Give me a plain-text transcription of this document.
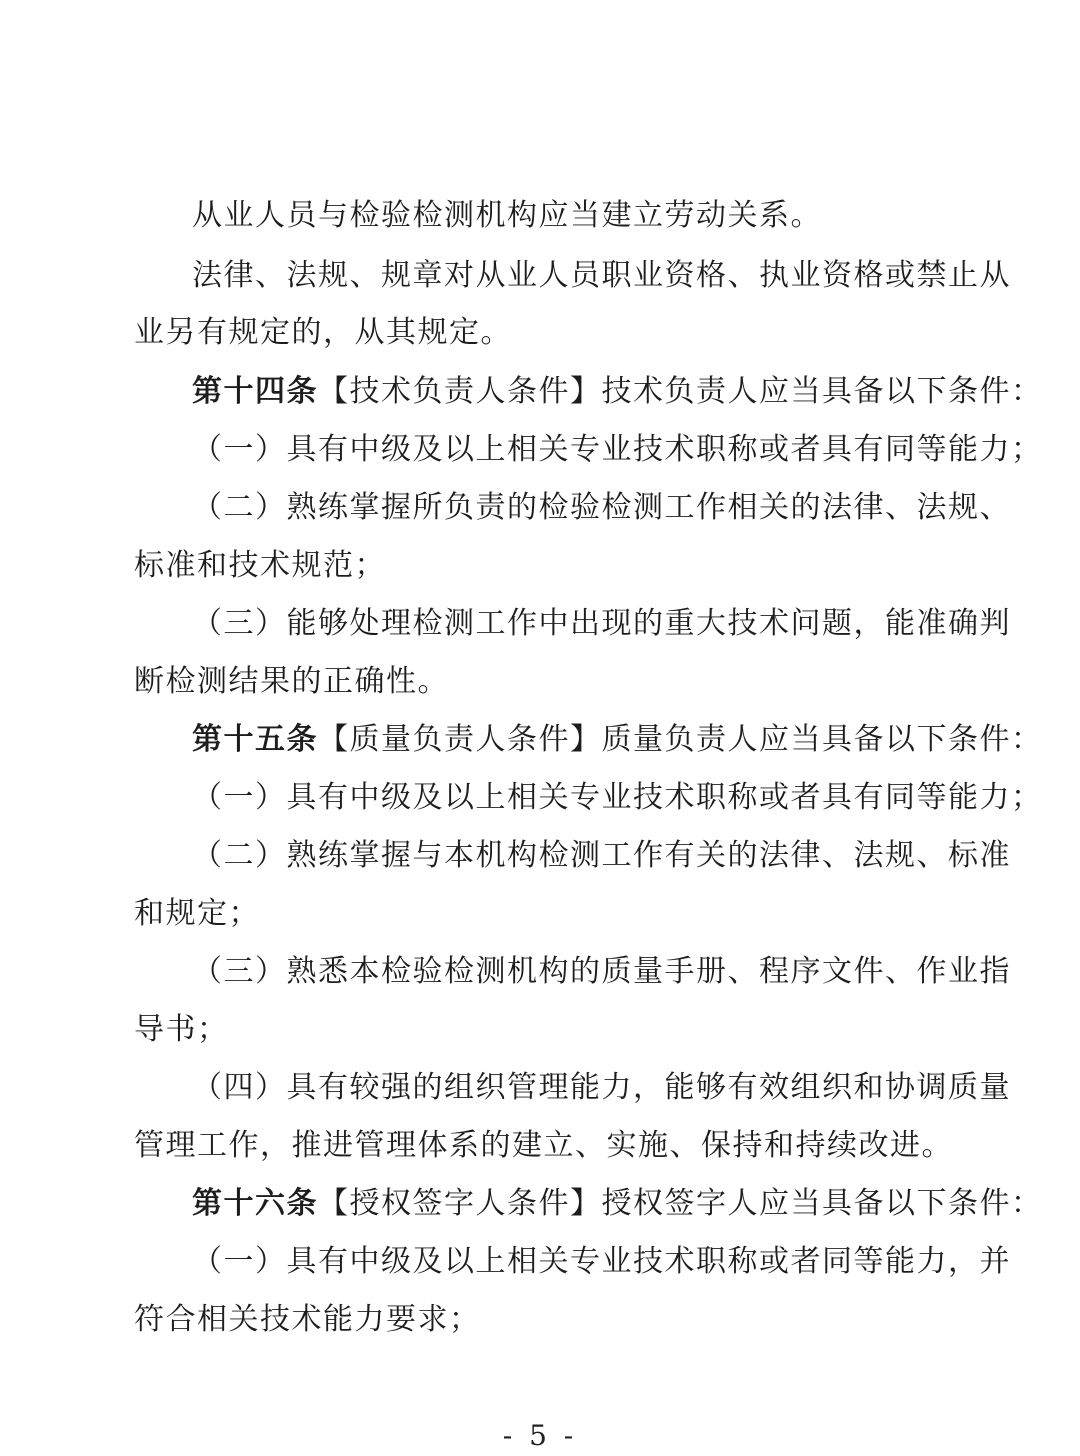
从业人员与检验检测机构应当建立劳动关系。
法律、法规、规章对从业人员职业资格、执业资格或禁止从
业另有规定的，从其规定。
第十四条【技术负责人条件】技术负责人应当具备以下条件：
（一）具有中级及以上相关专业技术职称或者具有同等能力；
（二）熟练掌握所负责的检验检测工作相关的法律、法规、
标准和技术规范；
（三）能够处理检测工作中出现的重大技术问题，能准确判
断检测结果的正确性。
第十五条【质量负责人条件】质量负责人应当具备以下条件：
（一）具有中级及以上相关专业技术职称或者具有同等能力；
（二）熟练掌握与本机构检测工作有关的法律、法规、标准
和规定；
（三）熟悉本检验检测机构的质量手册、程序文件、作业指
导书；
（四）具有较强的组织管理能力，能够有效组织和协调质量
管理工作，推进管理体系的建立、实施、保持和持续改进。
第十六条【授权签字人条件】授权签字人应当具备以下条件：
（一）具有中级及以上相关专业技术职称或者同等能力，并
符合相关技术能力要求；
- 5 -
